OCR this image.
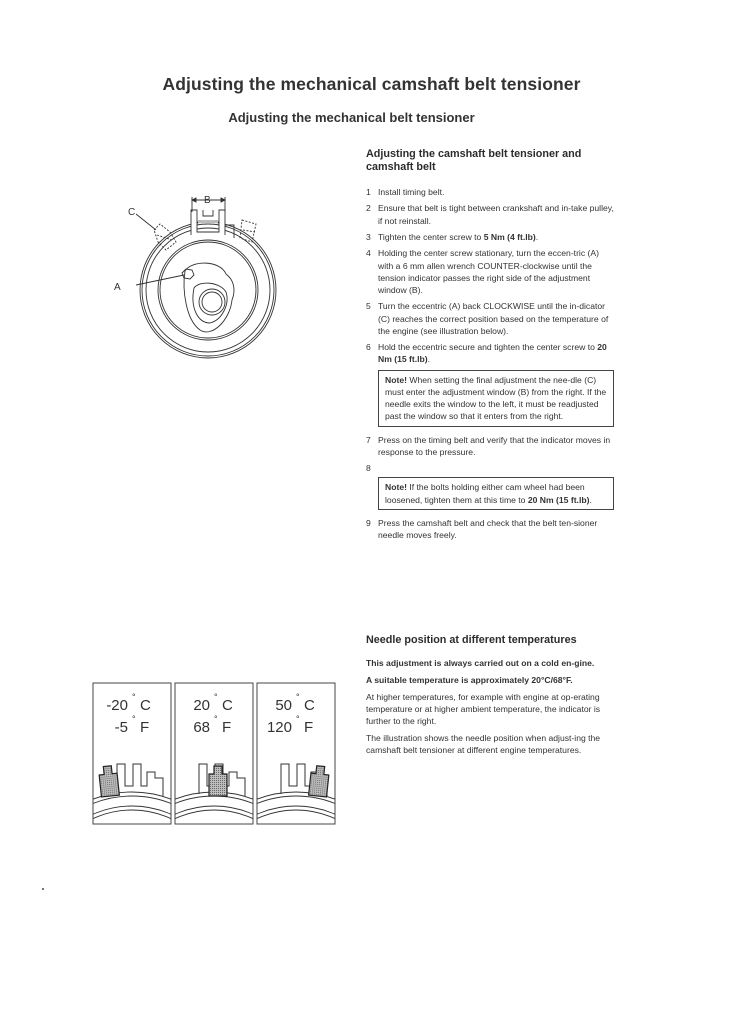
Adjusting the mechanical camshaft belt tensioner
Adjusting the mechanical belt tensioner
A
C
B
-20 ° C
-5 ° F
20 ° C
68 ° F
50 ° C
120 ° F
Adjusting the camshaft belt tensioner and camshaft belt
1 Install timing belt.
2 Ensure that belt is tight between crankshaft and in-take pulley, if not reinstall.
3 Tighten the center screw to 5 Nm (4 ft.lb).
4 Holding the center screw stationary, turn the eccen-tric (A) with a 6 mm allen wrench COUNTER-clockwise until the tension indicator passes the right side of the adjustment window (B).
5 Turn the eccentric (A) back CLOCKWISE until the in-dicator (C) reaches the correct position based on the temperature of the engine (see illustration below).
6 Hold the eccentric secure and tighten the center screw to 20 Nm (15 ft.lb).
Note! When setting the final adjustment the nee-dle (C) must enter the adjustment window (B) from the right. If the needle exits the window to the left, it must be readjusted past the window so that it enters from the right.
7 Press on the timing belt and verify that the indicator moves in response to the pressure.
8
Note! If the bolts holding either cam wheel had been loosened, tighten them at this time to 20 Nm (15 ft.lb).
9 Press the camshaft belt and check that the belt ten-sioner needle moves freely.
Needle position at different temperatures

This adjustment is always carried out on a cold en-gine.

A suitable temperature is approximately 20°C/68°F.

At higher temperatures, for example with engine at op-erating temperature or at higher ambient temperature, the indicator is further to the right.

The illustration shows the needle position when adjust-ing the camshaft belt tensioner at different engine temperatures.
